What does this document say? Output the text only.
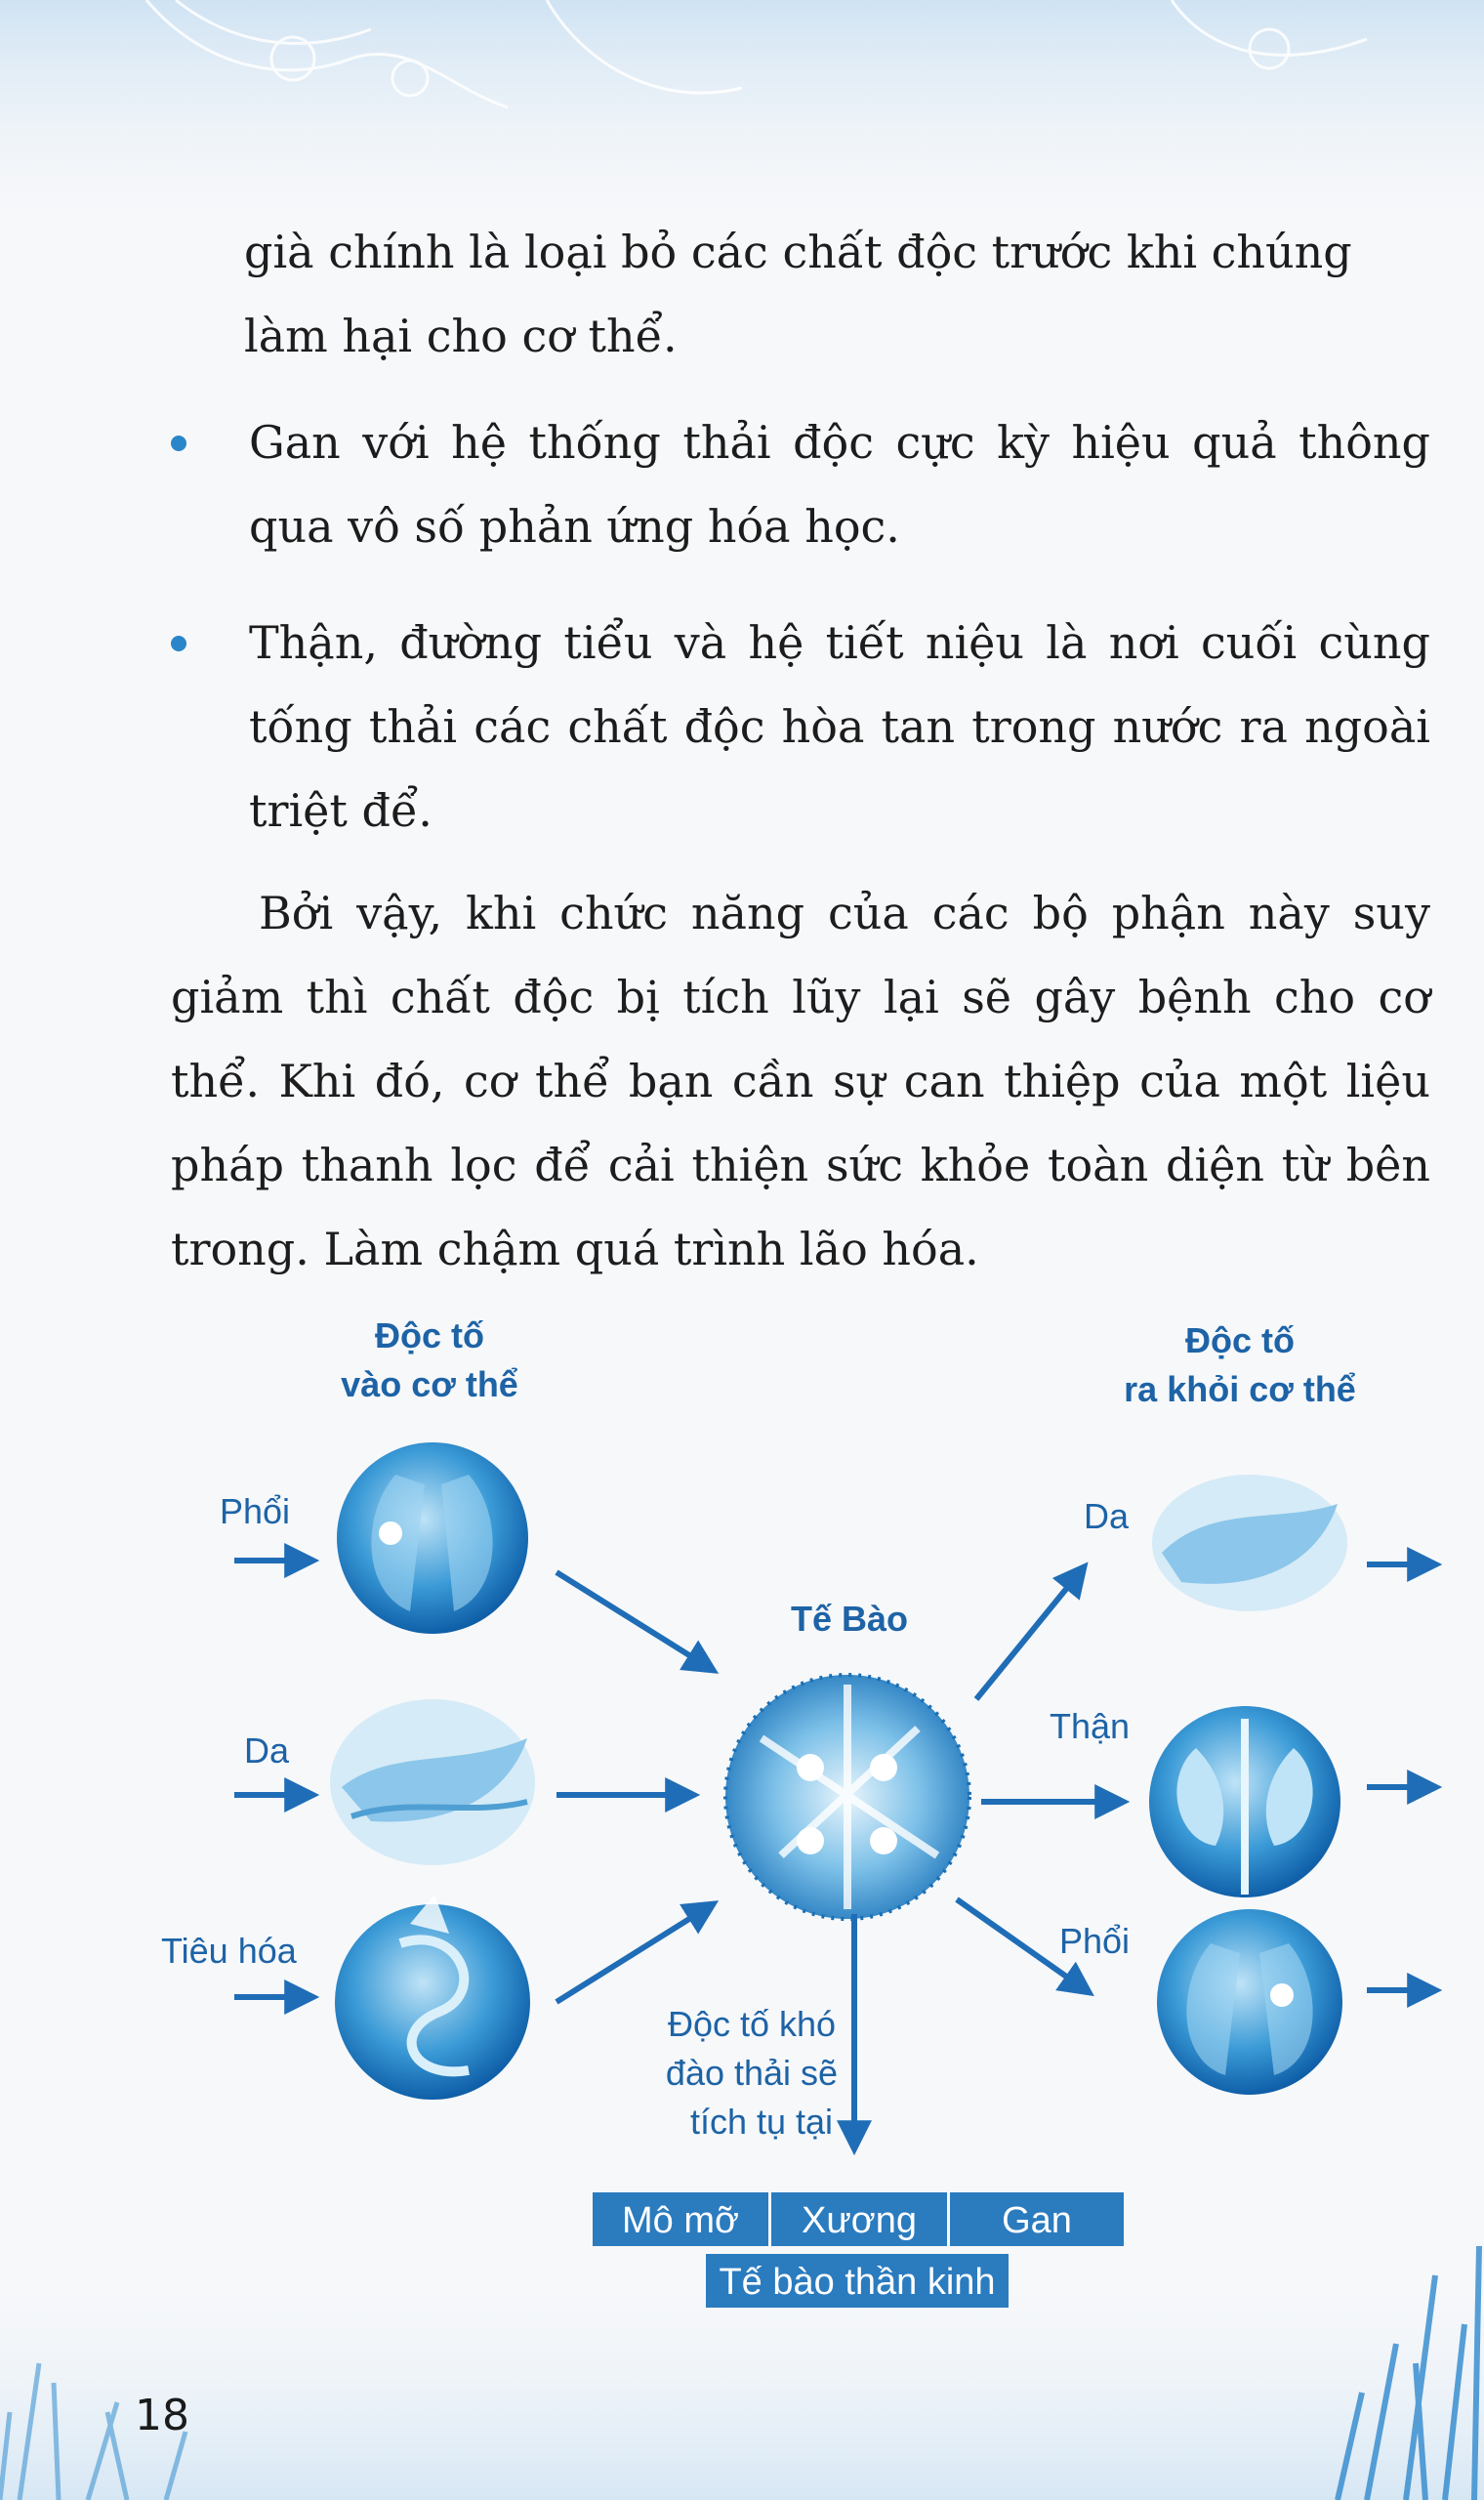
già chính là loại bỏ các chất độc trước khi chúng làm hại cho cơ thể.
Gan với hệ thống thải độc cực kỳ hiệu quả thông qua vô số phản ứng hóa học.
Thận, đường tiểu và hệ tiết niệu là nơi cuối cùng tống thải các chất độc hòa tan trong nước ra ngoài triệt để.
Bởi vậy, khi chức năng của các bộ phận này suy giảm thì chất độc bị tích lũy lại sẽ gây bệnh cho cơ thể. Khi đó, cơ thể bạn cần sự can thiệp của một liệu pháp thanh lọc để cải thiện sức khỏe toàn diện từ bên trong. Làm chậm quá trình lão hóa.
Độc tố
vào cơ thể
Độc tố
ra khỏi cơ thể
Phổi
Da
Tiêu hóa
Tế Bào
Da
Thận
Phổi
Độc tố khó
đào thải sẽ
tích tụ tại
Mô mỡ Xương Gan
Tế bào thần kinh
18
